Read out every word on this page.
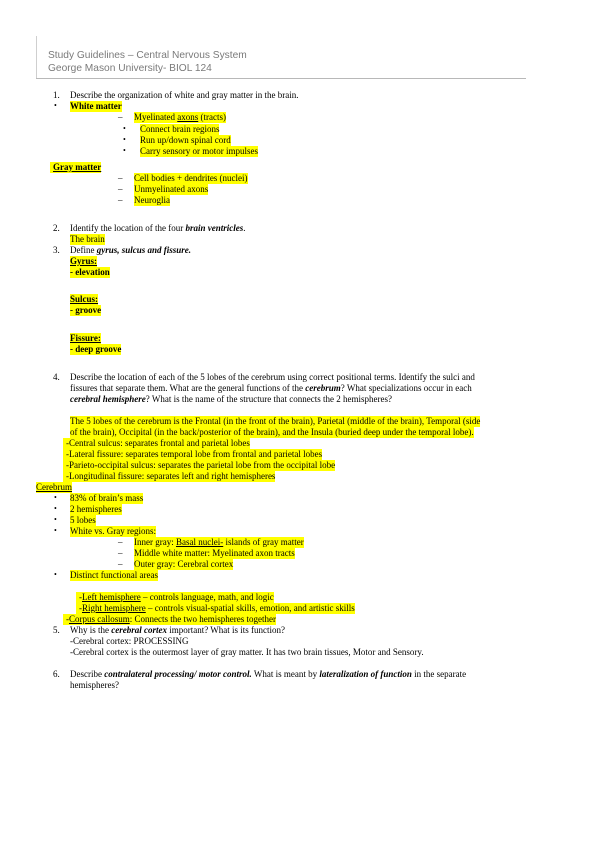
Study Guidelines – Central Nervous System
George Mason University- BIOL 124
1. Describe the organization of white and gray matter in the brain.
• White matter
– Myelinated axons (tracts)
• Connect brain regions
• Run up/down spinal cord
• Carry sensory or motor impulses
Gray matter
– Cell bodies + dendrites (nuclei)
– Unmyelinated axons
– Neuroglia
2. Identify the location of the four brain ventricles.
The brain
3. Define gyrus, sulcus and fissure.
Gyrus:
- elevation
Sulcus:
- groove
Fissure:
- deep groove
4. Describe the location of each of the 5 lobes of the cerebrum using correct positional terms. Identify the sulci and
fissures that separate them. What are the general functions of the cerebrum? What specializations occur in each
cerebral hemisphere? What is the name of the structure that connects the 2 hemispheres?
The 5 lobes of the cerebrum is the Frontal (in the front of the brain), Parietal (middle of the brain), Temporal (side
of the brain), Occipital (in the back/posterior of the brain), and the Insula (buried deep under the temporal lobe).
-Central sulcus: separates frontal and parietal lobes
-Lateral fissure: separates temporal lobe from frontal and parietal lobes
-Parieto-occipital sulcus: separates the parietal lobe from the occipital lobe
-Longitudinal fissure: separates left and right hemispheres
Cerebrum
• 83% of brain’s mass
• 2 hemispheres
• 5 lobes
• White vs. Gray regions:
– Inner gray: Basal nuclei- islands of gray matter
– Middle white matter: Myelinated axon tracts
– Outer gray: Cerebral cortex
• Distinct functional areas
-Left hemisphere – controls language, math, and logic
-Right hemisphere – controls visual-spatial skills, emotion, and artistic skills
-Corpus callosum: Connects the two hemispheres together
5. Why is the cerebral cortex important? What is its function?
-Cerebral cortex: PROCESSING
-Cerebral cortex is the outermost layer of gray matter. It has two brain tissues, Motor and Sensory.
6. Describe contralateral processing/ motor control. What is meant by lateralization of function in the separate
hemispheres?
